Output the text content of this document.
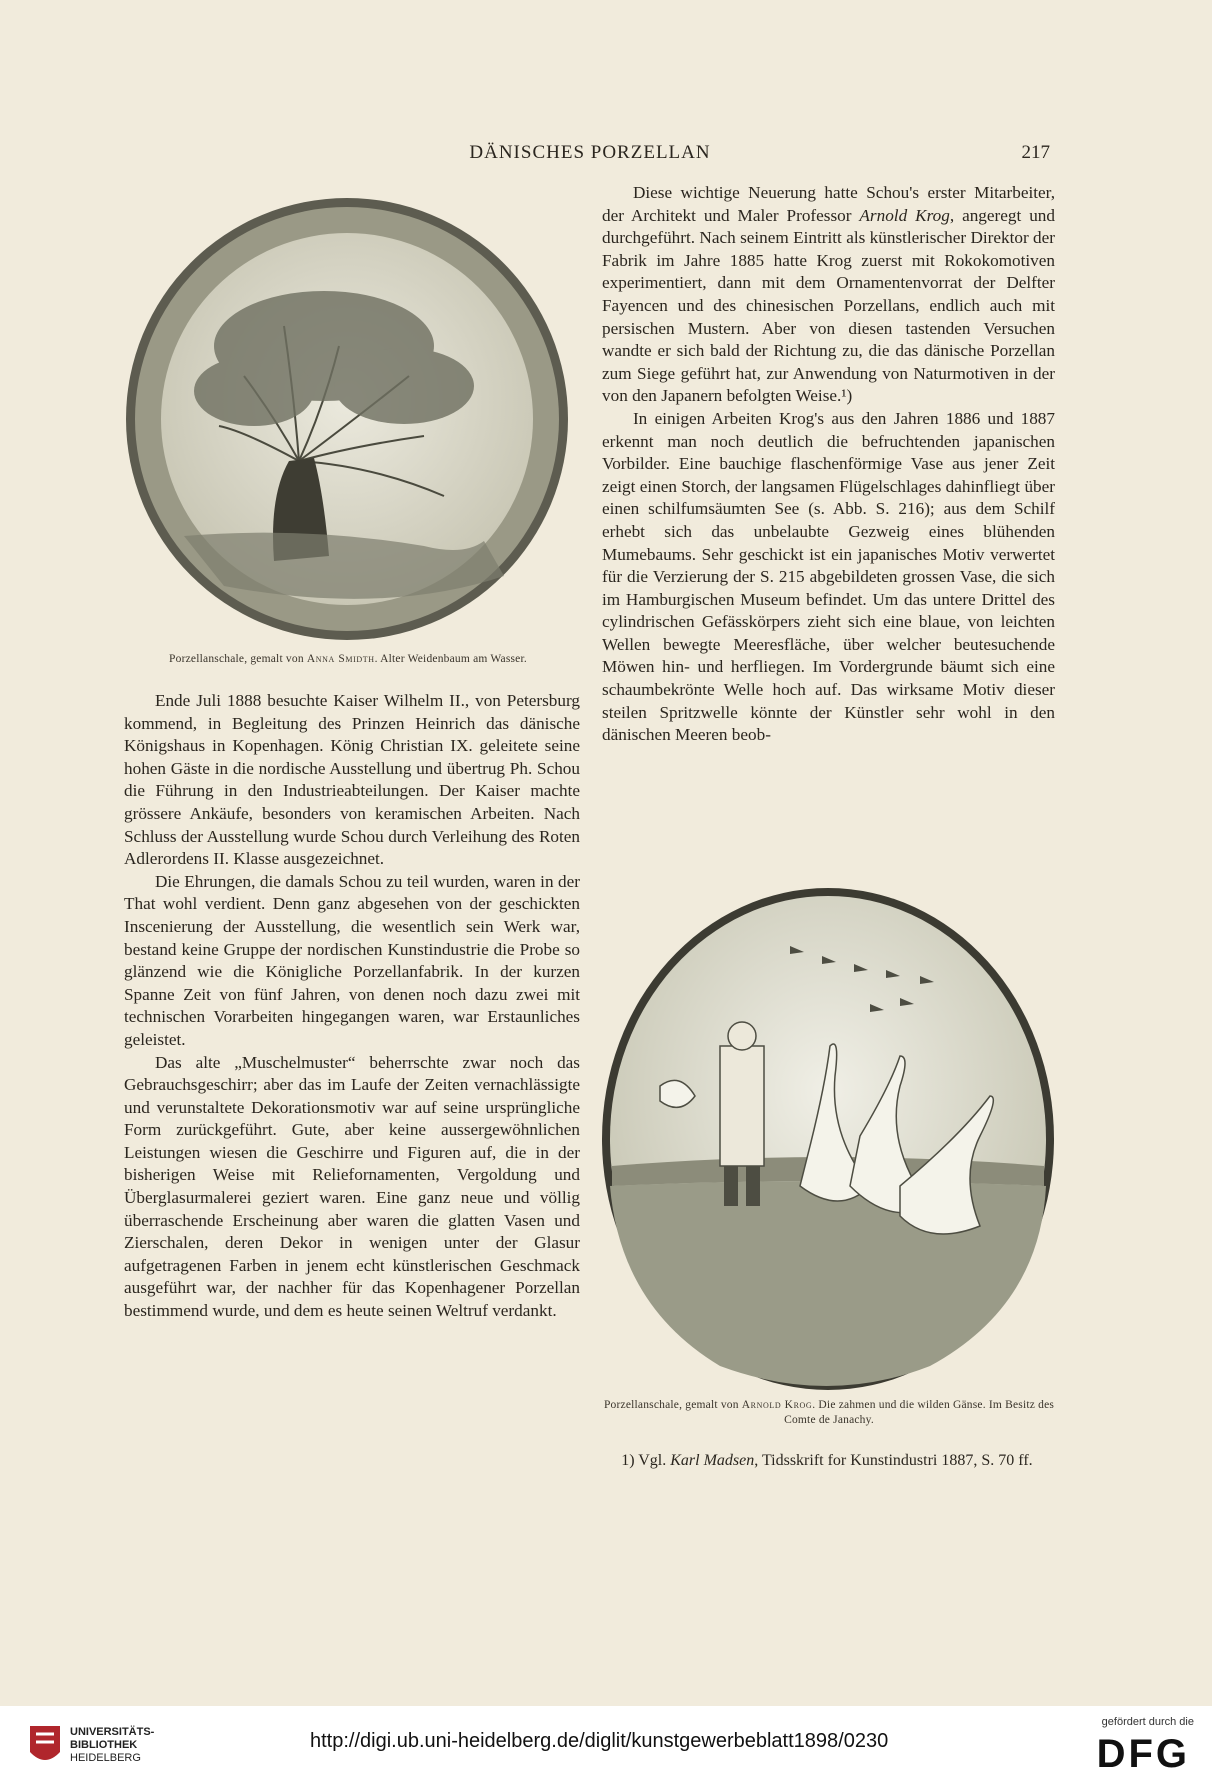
DÄNISCHES PORZELLAN	217
Porzellanschale, gemalt von Anna Smidth. Alter Weidenbaum am Wasser.

Ende Juli 1888 besuchte Kaiser Wilhelm II., von Petersburg kommend, in Begleitung des Prinzen Heinrich das dänische Königshaus in Kopenhagen. König Christian IX. geleitete seine hohen Gäste in die nordische Ausstellung und übertrug Ph. Schou die Führung in den Industrieabteilungen. Der Kaiser machte grössere Ankäufe, besonders von keramischen Arbeiten. Nach Schluss der Ausstellung wurde Schou durch Verleihung des Roten Adlerordens II. Klasse ausgezeichnet.

Die Ehrungen, die damals Schou zu teil wurden, waren in der That wohl verdient. Denn ganz abgesehen von der geschickten Inscenierung der Ausstellung, die wesentlich sein Werk war, bestand keine Gruppe der nordischen Kunstindustrie die Probe so glänzend wie die Königliche Porzellanfabrik. In der kurzen Spanne Zeit von fünf Jahren, von denen noch dazu zwei mit technischen Vorarbeiten hingegangen waren, war Erstaunliches geleistet.

Das alte „Muschelmuster“ beherrschte zwar noch das Gebrauchsgeschirr; aber das im Laufe der Zeiten vernachlässigte und verunstaltete Dekorationsmotiv war auf seine ursprüngliche Form zurückgeführt. Gute, aber keine aussergewöhnlichen Leistungen wiesen die Geschirre und Figuren auf, die in der bisherigen Weise mit Reliefornamenten, Vergoldung und Überglasurmalerei geziert waren. Eine ganz neue und völlig überraschende Erscheinung aber waren die glatten Vasen und Zierschalen, deren Dekor in wenigen unter der Glasur aufgetragenen Farben in jenem echt künstlerischen Geschmack ausgeführt war, der nachher für das Kopenhagener Porzellan bestimmend wurde, und dem es heute seinen Weltruf verdankt.

Diese wichtige Neuerung hatte Schou's erster Mitarbeiter, der Architekt und Maler Professor Arnold Krog, angeregt und durchgeführt. Nach seinem Eintritt als künstlerischer Direktor der Fabrik im Jahre 1885 hatte Krog zuerst mit Rokokomotiven experimentiert, dann mit dem Ornamentenvorrat der Delfter Fayencen und des chinesischen Porzellans, endlich auch mit persischen Mustern. Aber von diesen tastenden Versuchen wandte er sich bald der Richtung zu, die das dänische Porzellan zum Siege geführt hat, zur Anwendung von Naturmotiven in der von den Japanern befolgten Weise.¹)

In einigen Arbeiten Krog's aus den Jahren 1886 und 1887 erkennt man noch deutlich die befruchtenden japanischen Vorbilder. Eine bauchige flaschenförmige Vase aus jener Zeit zeigt einen Storch, der langsamen Flügelschlages dahinfliegt über einen schilfumsäumten See (s. Abb. S. 216); aus dem Schilf erhebt sich das unbelaubte Gezweig eines blühenden Mumebaums. Sehr geschickt ist ein japanisches Motiv verwertet für die Verzierung der S. 215 abgebildeten grossen Vase, die sich im Hamburgischen Museum befindet. Um das untere Drittel des cylindrischen Gefässkörpers zieht sich eine blaue, von leichten Wellen bewegte Meeresfläche, über welcher beutesuchende Möwen hin- und herfliegen. Im Vordergrunde bäumt sich eine schaumbekrönte Welle hoch auf. Das wirksame Motiv dieser steilen Spritzwelle könnte der Künstler sehr wohl in den dänischen Meeren beob-

Porzellanschale, gemalt von Arnold Krog. Die zahmen und die wilden Gänse. Im Besitz des Comte de Janachy.

1) Vgl. Karl Madsen, Tidsskrift for Kunstindustri 1887, S. 70 ff.

UNIVERSITÄTS-
BIBLIOTHEK
HEIDELBERG
http://digi.ub.uni-heidelberg.de/diglit/kunstgewerbeblatt1898/0230
gefördert durch die
DFG
